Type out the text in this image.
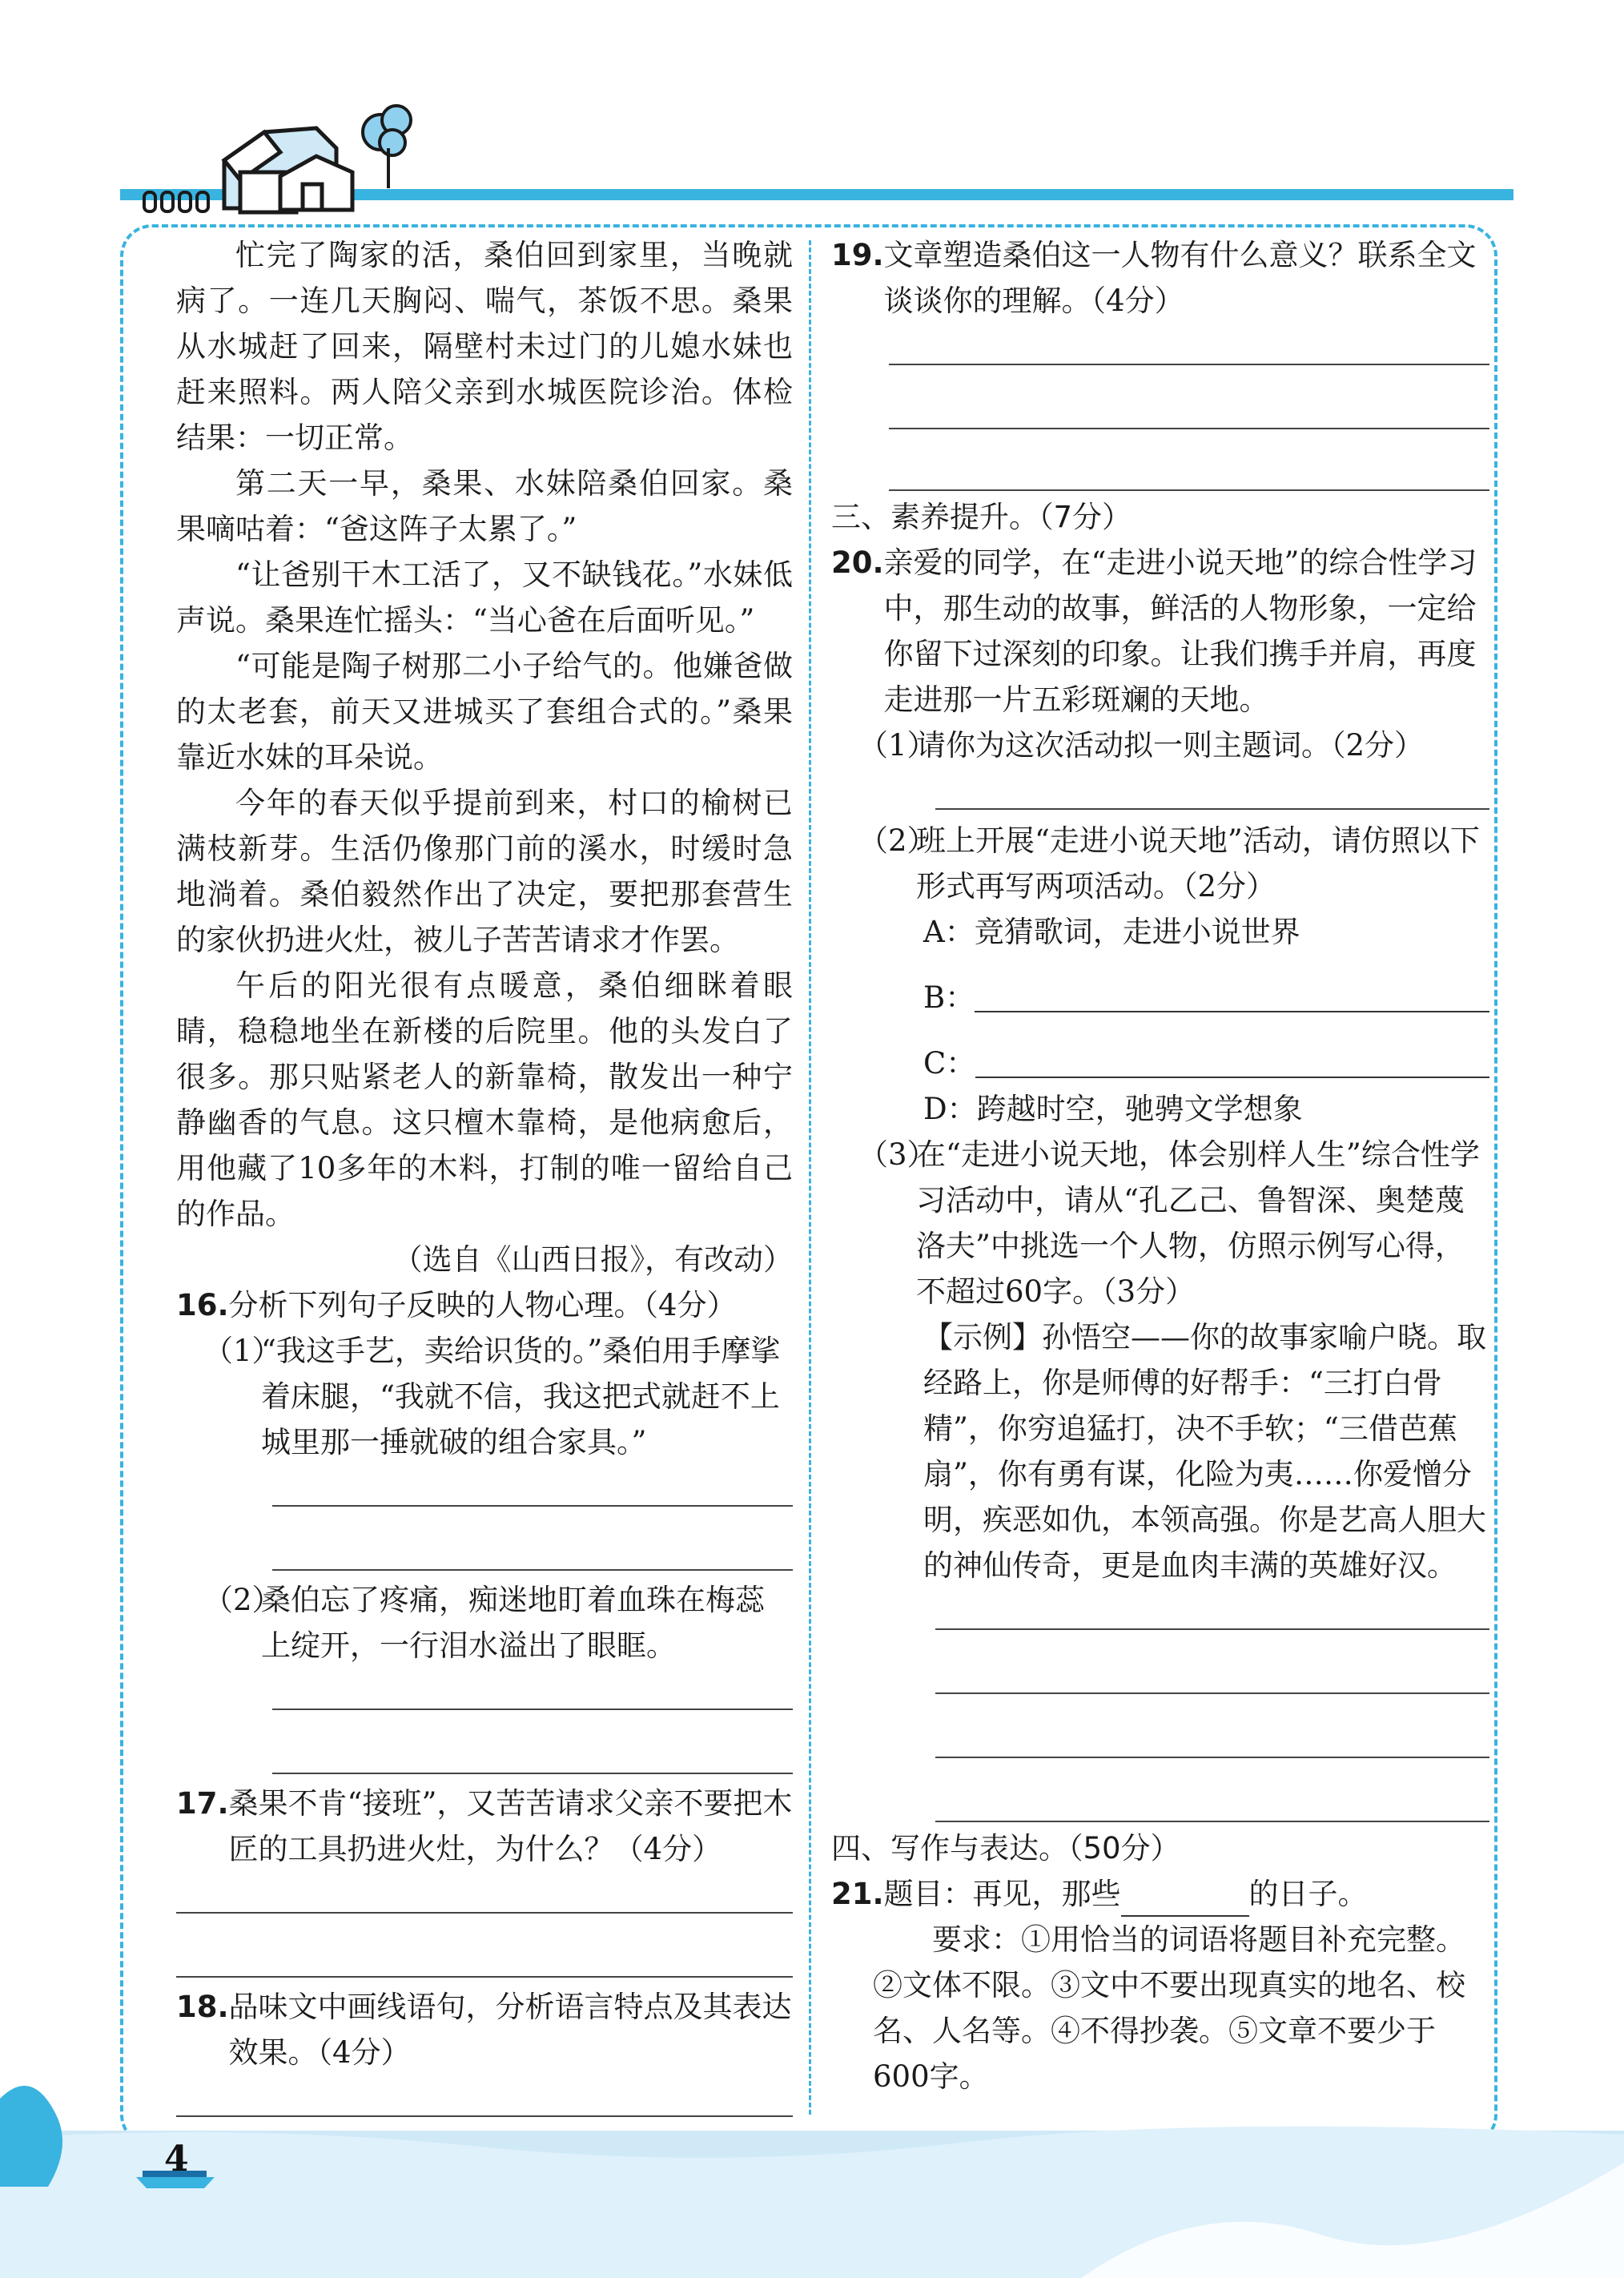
忙完了陶家的活，桑伯回到家里，当晚就病了。一连几天胸闷、喘气，茶饭不思。桑果从水城赶了回来，隔壁村未过门的儿媳水妹也赶来照料。两人陪父亲到水城医院诊治。体检结果：一切正常。

第二天一早，桑果、水妹陪桑伯回家。桑果嘀咕着：“爸这阵子太累了。”

“让爸别干木工活了，又不缺钱花。”水妹低声说。桑果连忙摇头：“当心爸在后面听见。”

“可能是陶子树那二小子给气的。他嫌爸做的太老套，前天又进城买了套组合式的。”桑果靠近水妹的耳朵说。

今年的春天似乎提前到来，村口的榆树已满枝新芽。生活仍像那门前的溪水，时缓时急地淌着。桑伯毅然作出了决定，要把那套营生的家伙扔进火灶，被儿子苦苦请求才作罢。

午后的阳光很有点暖意，桑伯细眯着眼睛，稳稳地坐在新楼的后院里。他的头发白了很多。那只贴紧老人的新靠椅，散发出一种宁静幽香的气息。这只檀木靠椅，是他病愈后，用他藏了10多年的木料，打制的唯一留给自己的作品。

（选自《山西日报》，有改动）

16. 分析下列句子反映的人物心理。（4分）
（1）
“我这手艺，卖给识货的。”桑伯用手摩挲着床腿，“我就不信，我这把式就赶不上城里那一捶就破的组合家具。”
（2）
桑伯忘了疼痛，痴迷地盯着血珠在梅蕊上绽开，一行泪水溢出了眼眶。
17. 桑果不肯“接班”，又苦苦请求父亲不要把木匠的工具扔进火灶，为什么？（4分）
18. 品味文中画线语句，分析语言特点及其表达效果。（4分）
19. 文章塑造桑伯这一人物有什么意义？联系全文谈谈你的理解。（4分）

三、素养提升。（7分）

20. 亲爱的同学，在“走进小说天地”的综合性学习中，那生动的故事，鲜活的人物形象，一定给你留下过深刻的印象。让我们携手并肩，再度走进那一片五彩斑斓的天地。
（1）
请你为这次活动拟一则主题词。（2分）
（2）
班上开展“走进小说天地”活动，请仿照以下形式再写两项活动。（2分）

A：竞猜歌词，走进小说世界

B：
C：

D：跨越时空，驰骋文学想象

（3）
在“走进小说天地，体会别样人生”综合性学习活动中，请从“孔乙己、鲁智深、奥楚蔑洛夫”中挑选一个人物，仿照示例写心得，不超过60字。（3分）

【示例】孙悟空——你的故事家喻户晓。取经路上，你是师傅的好帮手：“三打白骨精”，你穷追猛打，决不手软；“三借芭蕉扇”，你有勇有谋，化险为夷……你爱憎分明，疾恶如仇，本领高强。你是艺高人胆大的神仙传奇，更是血肉丰满的英雄好汉。

四、写作与表达。（50分）

21. 题目：再见，那些	的日子。

要求：①用恰当的词语将题目补充完整。②文体不限。③文中不要出现真实的地名、校名、人名等。④不得抄袭。⑤文章不要少于600字。

4
